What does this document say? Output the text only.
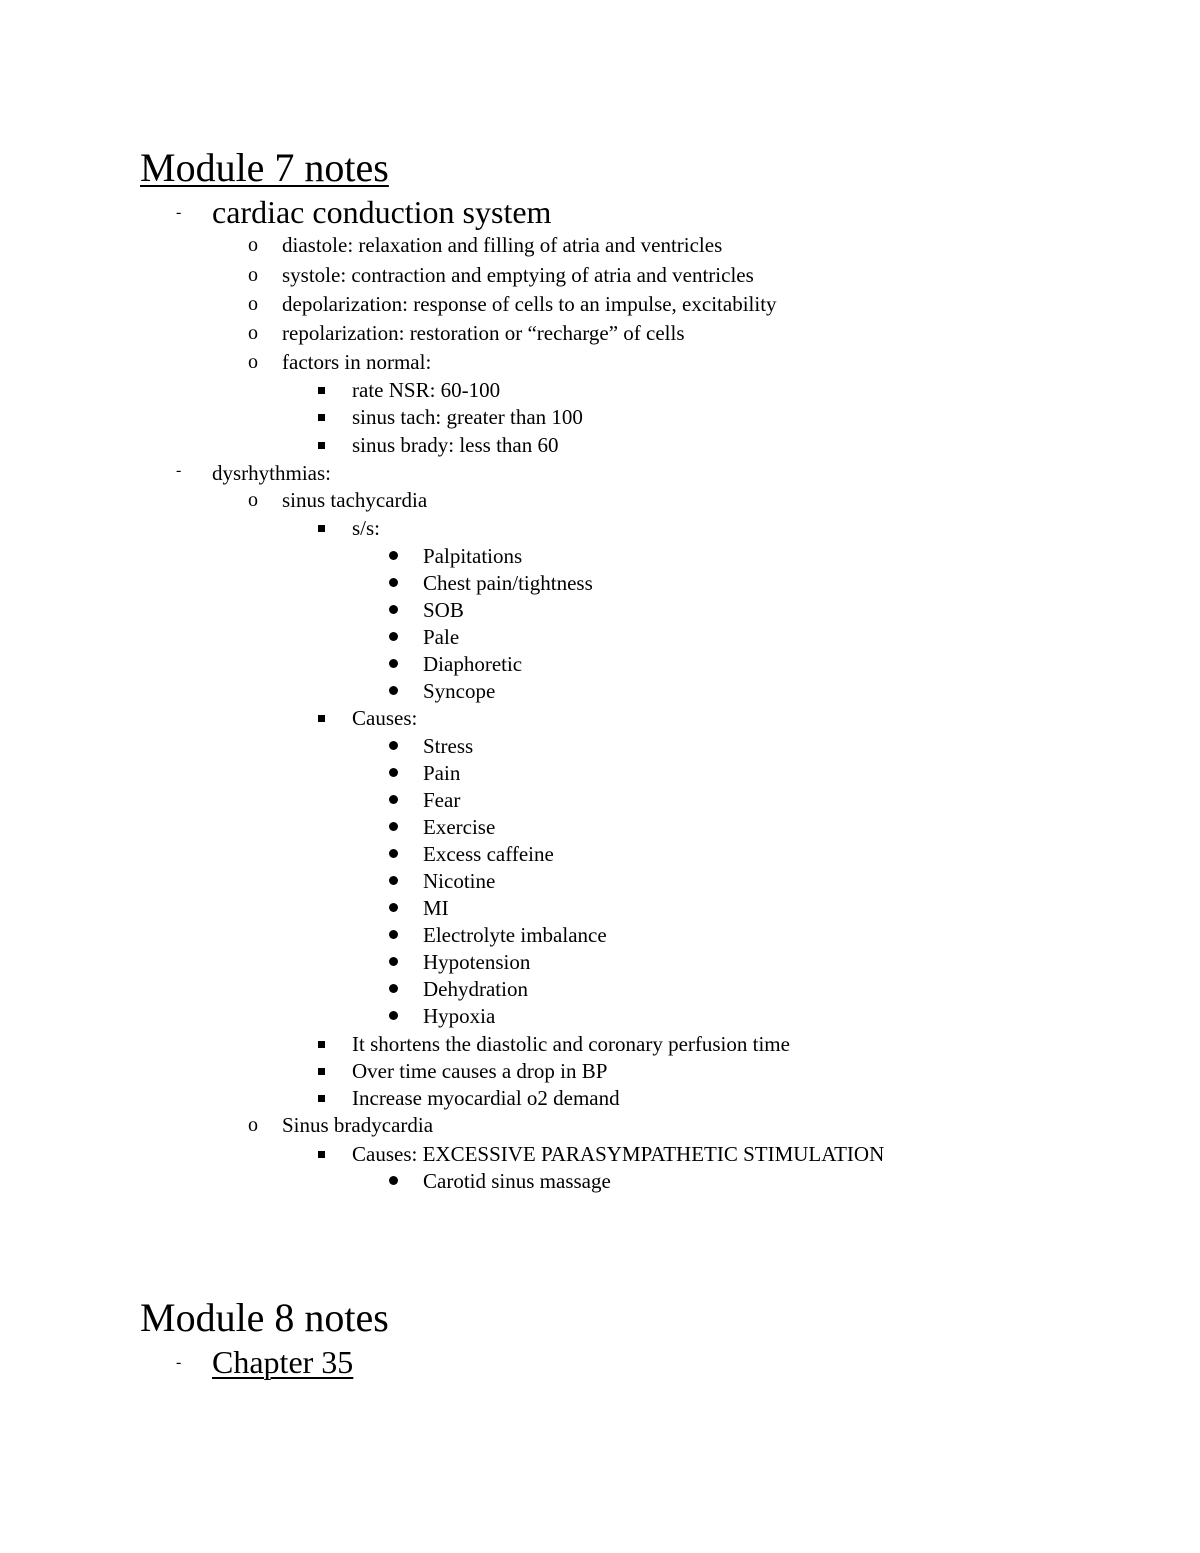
Module 7 notes
- cardiac conduction system
o diastole: relaxation and filling of atria and ventricles
o systole: contraction and emptying of atria and ventricles
o depolarization: response of cells to an impulse, excitability
o repolarization: restoration or “recharge” of cells
o factors in normal:
rate NSR: 60-100
sinus tach: greater than 100
sinus brady: less than 60
- dysrhythmias:
o sinus tachycardia
s/s:
Palpitations
Chest pain/tightness
SOB
Pale
Diaphoretic
Syncope
Causes:
Stress
Pain
Fear
Exercise
Excess caffeine
Nicotine
MI
Electrolyte imbalance
Hypotension
Dehydration
Hypoxia
It shortens the diastolic and coronary perfusion time
Over time causes a drop in BP
Increase myocardial o2 demand
o Sinus bradycardia
Causes: EXCESSIVE PARASYMPATHETIC STIMULATION
Carotid sinus massage
Module 8 notes
- Chapter 35
